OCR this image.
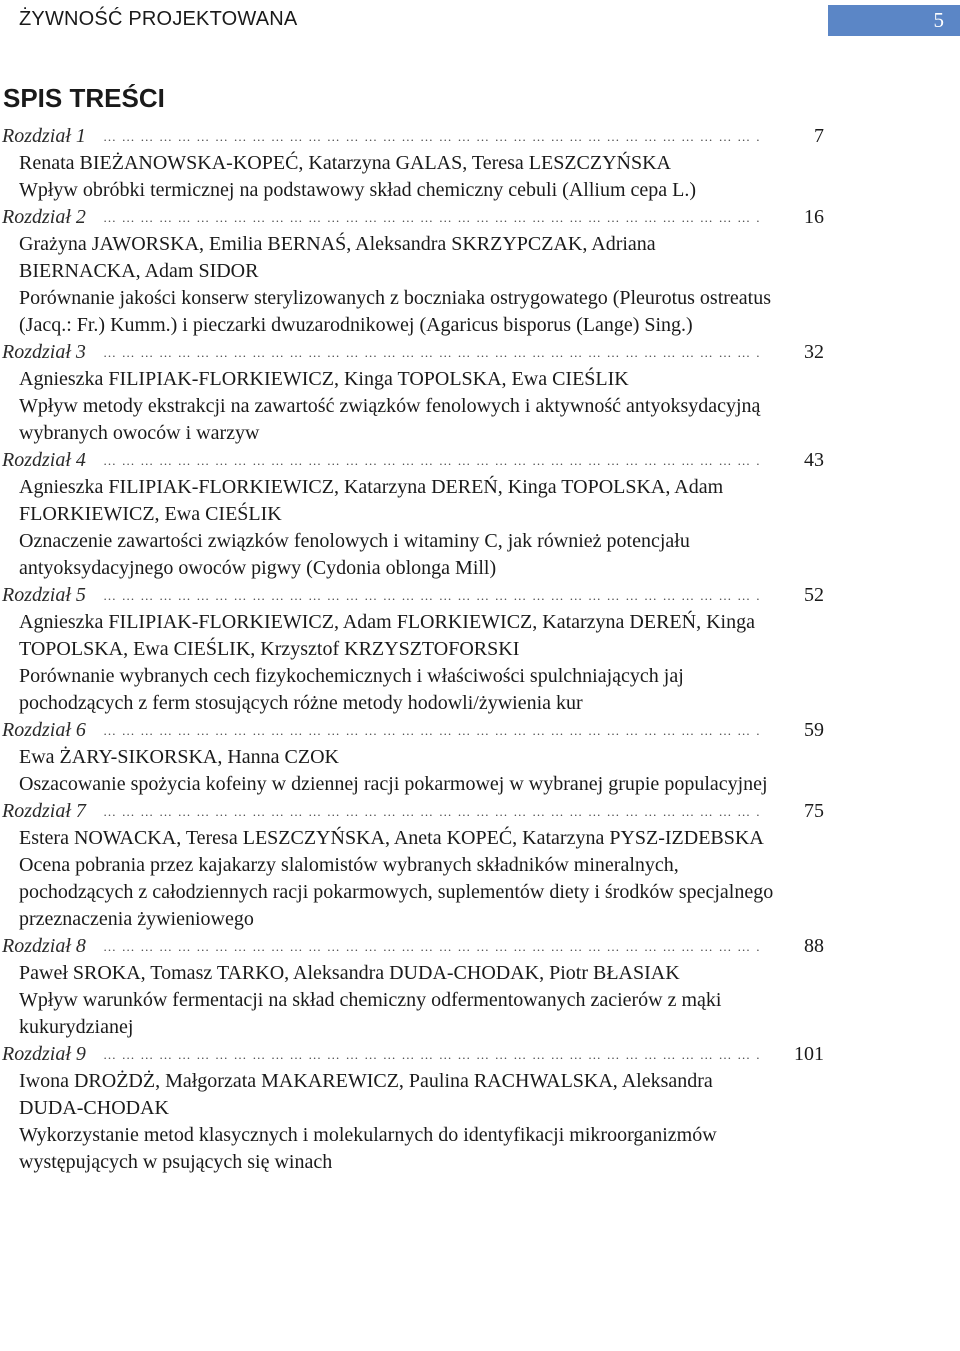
ŻYWNOŚĆ PROJEKTOWANA	5
SPIS TREŚCI
Rozdział 1 … … … … … … … … … … … … … … … … … … … … … … … … … … … … … … … … … … … … … … … … …	7
Renata BIEŻANOWSKA-KOPEĆ, Katarzyna GALAS, Teresa LESZCZYŃSKA
Wpływ obróbki termicznej na podstawowy skład chemiczny cebuli (Allium cepa L.)
Rozdział 2 … … … … … … … … … … … … … … … … … … … … … … … … … … … … … … … … … … … … … … … … …	16
Grażyna JAWORSKA, Emilia BERNAŚ, Aleksandra SKRZYPCZAK, Adriana BIERNACKA, Adam SIDOR
Porównanie jakości konserw sterylizowanych z boczniaka ostrygowatego (Pleurotus ostreatus (Jacq.: Fr.) Kumm.) i pieczarki dwuzarodnikowej (Agaricus bisporus (Lange) Sing.)
Rozdział 3 … … … … … … … … … … … … … … … … … … … … … … … … … … … … … … … … … … … … … … … … …	32
Agnieszka FILIPIAK-FLORKIEWICZ, Kinga TOPOLSKA, Ewa CIEŚLIK
Wpływ metody ekstrakcji na zawartość związków fenolowych i aktywność antyoksydacyjną wybranych owoców i warzyw
Rozdział 4 … … … … … … … … … … … … … … … … … … … … … … … … … … … … … … … … … … … … … … … … …	43
Agnieszka FILIPIAK-FLORKIEWICZ, Katarzyna DEREŃ, Kinga TOPOLSKA, Adam FLORKIEWICZ, Ewa CIEŚLIK
Oznaczenie zawartości związków fenolowych i witaminy C, jak również potencjału antyoksydacyjnego owoców pigwy (Cydonia oblonga Mill)
Rozdział 5 … … … … … … … … … … … … … … … … … … … … … … … … … … … … … … … … … … … … … … … … …	52
Agnieszka FILIPIAK-FLORKIEWICZ, Adam FLORKIEWICZ, Katarzyna DEREŃ, Kinga TOPOLSKA, Ewa CIEŚLIK, Krzysztof KRZYSZTOFORSKI
Porównanie wybranych cech fizykochemicznych i właściwości spulchniających jaj pochodzących z ferm stosujących różne metody hodowli/żywienia kur
Rozdział 6 … … … … … … … … … … … … … … … … … … … … … … … … … … … … … … … … … … … … … … … … …	59
Ewa ŻARY-SIKORSKA, Hanna CZOK
Oszacowanie spożycia kofeiny w dziennej racji pokarmowej w wybranej grupie populacyjnej
Rozdział 7 … … … … … … … … … … … … … … … … … … … … … … … … … … … … … … … … … … … … … … … … …	75
Estera NOWACKA, Teresa LESZCZYŃSKA, Aneta KOPEĆ, Katarzyna PYSZ-IZDEBSKA
Ocena pobrania przez kajakarzy slalomistów wybranych składników mineralnych, pochodzących z całodziennych racji pokarmowych, suplementów diety i środków specjalnego przeznaczenia żywieniowego
Rozdział 8 … … … … … … … … … … … … … … … … … … … … … … … … … … … … … … … … … … … … … … … … …	88
Paweł SROKA, Tomasz TARKO, Aleksandra DUDA-CHODAK, Piotr BŁASIAK
Wpływ warunków fermentacji na skład chemiczny odfermentowanych zacierów z mąki kukurydzianej
Rozdział 9 … … … … … … … … … … … … … … … … … … … … … … … … … … … … … … … … … … … … … … … … …	101
Iwona DROŻDŻ, Małgorzata MAKAREWICZ, Paulina RACHWALSKA, Aleksandra DUDA-CHODAK
Wykorzystanie metod klasycznych i molekularnych do identyfikacji mikroorganizmów występujących w psujących się winach
